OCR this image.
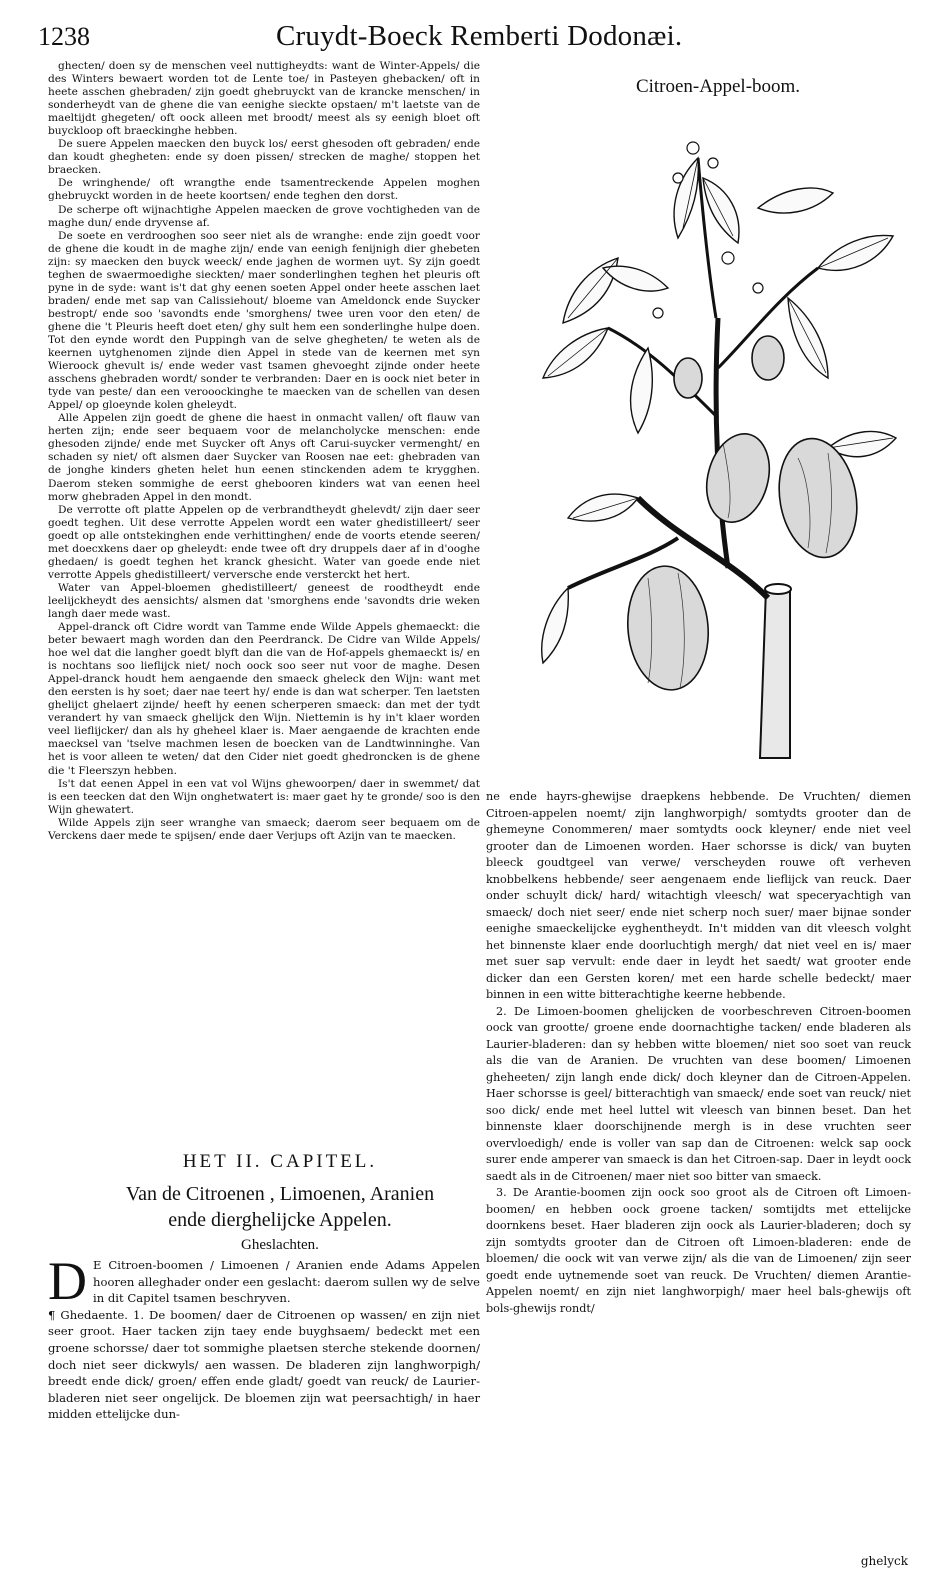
1238	Cruydt-Boeck Remberti Dodonæi.

ghecten/ doen sy de menschen veel nuttigheydts: want de Winter-Appels/ die des Winters bewaert worden tot de Lente toe/ in Pasteyen ghebacken/ oft in heete asschen ghebraden/ zijn goedt ghebruyckt van de krancke menschen/ in sonderheydt van de ghene die van eenighe sieckte opstaen/ m't laetste van de maeltijdt ghegeten/ oft oock alleen met broodt/ meest als sy eenigh bloet oft buyckloop oft braeckinghe hebben.

De suere Appelen maecken den buyck los/ eerst ghesoden oft gebraden/ ende dan koudt ghegheten: ende sy doen pissen/ strecken de maghe/ stoppen het braecken.

De wringhende/ oft wrangthe ende tsamentreckende Appelen moghen ghebruyckt worden in de heete koortsen/ ende teghen den dorst.

De scherpe oft wijnachtighe Appelen maecken de grove vochtigheden van de maghe dun/ ende dryvense af.

De soete en verdrooghen soo seer niet als de wranghe: ende zijn goedt voor de ghene die koudt in de maghe zijn/ ende van eenigh fenijnigh dier ghebeten zijn: sy maecken den buyck weeck/ ende jaghen de wormen uyt. Sy zijn goedt teghen de swaermoedighe sieckten/ maer sonderlinghen teghen het pleuris oft pyne in de syde: want is't dat ghy eenen soeten Appel onder heete asschen laet braden/ ende met sap van Calissiehout/ bloeme van Ameldonck ende Suycker bestropt/ ende soo 'savondts ende 'smorghens/ twee uren voor den eten/ de ghene die 't Pleuris heeft doet eten/ ghy sult hem een sonderlinghe hulpe doen. Tot den eynde wordt den Puppingh van de selve ghegheten/ te weten als de keernen uytghenomen zijnde dien Appel in stede van de keernen met syn Wieroock ghevult is/ ende weder vast tsamen ghevoeght zijnde onder heete asschens ghebraden wordt/ sonder te verbranden: Daer en is oock niet beter in tyde van peste/ dan een verooockinghe te maecken van de schellen van desen Appel/ op gloeynde kolen gheleydt.

Alle Appelen zijn goedt de ghene die haest in onmacht vallen/ oft flauw van herten zijn; ende seer bequaem voor de melancholycke menschen: ende ghesoden zijnde/ ende met Suycker oft Anys oft Carui-suycker vermenght/ en schaden sy niet/ oft alsmen daer Suycker van Roosen nae eet: ghebraden van de jonghe kinders gheten helet hun eenen stinckenden adem te krygghen. Daerom steken sommighe de eerst ghebooren kinders wat van eenen heel morw ghebraden Appel in den mondt.

De verrotte oft platte Appelen op de verbrandtheydt ghelevdt/ zijn daer seer goedt teghen. Uit dese verrotte Appelen wordt een water ghedistilleert/ seer goedt op alle ontstekinghen ende verhittinghen/ ende de voorts etende seeren/ met doecxkens daer op gheleydt: ende twee oft dry druppels daer af in d'ooghe ghedaen/ is goedt teghen het kranck ghesicht. Water van goede ende niet verrotte Appels ghedistilleert/ verversche ende versterckt het hert.

Water van Appel-bloemen ghedistilleert/ geneest de roodtheydt ende leelijckheydt des aensichts/ alsmen dat 'smorghens ende 'savondts drie weken langh daer mede wast.

Appel-dranck oft Cidre wordt van Tamme ende Wilde Appels ghemaeckt: die beter bewaert magh worden dan den Peerdranck. De Cidre van Wilde Appels/ hoe wel dat die langher goedt blyft dan die van de Hof-appels ghemaeckt is/ en is nochtans soo lieflijck niet/ noch oock soo seer nut voor de maghe. Desen Appel-dranck houdt hem aengaende den smaeck gheleck den Wijn: want met den eersten is hy soet; daer nae teert hy/ ende is dan wat scherper. Ten laetsten ghelijct ghelaert zijnde/ heeft hy eenen scherperen smaeck: dan met der tydt verandert hy van smaeck ghelijck den Wijn. Niettemin is hy in't klaer worden veel lieflijcker/ dan als hy gheheel klaer is. Maer aengaende de krachten ende maecksel van 'tselve machmen lesen de boecken van de Landtwinninghe. Van het is voor alleen te weten/ dat den Cider niet goedt ghedroncken is de ghene die 't Fleerszyn hebben.

Is't dat eenen Appel in een vat vol Wijns ghewoorpen/ daer in swemmet/ dat is een teecken dat den Wijn onghetwatert is: maer gaet hy te gronde/ soo is den Wijn ghewatert.

Wilde Appels zijn seer wranghe van smaeck; daerom seer bequaem om de Verckens daer mede te spijsen/ ende daer Verjups oft Azijn van te maecken.

Citroen-Appel-boom.
HET II. CAPITEL.
Van de Citroenen , Limoenen, Aranien
ende dierghelijcke Appelen.
Gheslachten.
D E Citroen-boomen / Limoenen / Aranien ende Adams Appelen hooren alleghader onder een geslacht: daerom sullen wy de selve in dit Capitel tsamen beschryven.

¶ Ghedaente. 1. De boomen/ daer de Citroenen op wassen/ en zijn niet seer groot. Haer tacken zijn taey ende buyghsaem/ bedeckt met een groene schorsse/ daer tot sommighe plaetsen sterche stekende doornen/ doch niet seer dickwyls/ aen wassen. De bladeren zijn langhworpigh/ breedt ende dick/ groen/ effen ende gladt/ goedt van reuck/ de Laurier-bladeren niet seer ongelijck. De bloemen zijn wat peersachtigh/ in haer midden ettelijcke dun-

ne ende hayrs-ghewijse draepkens hebbende. De Vruchten/ diemen Citroen-appelen noemt/ zijn langhworpigh/ somtydts grooter dan de ghemeyne Conommeren/ maer somtydts oock kleyner/ ende niet veel grooter dan de Limoenen worden. Haer schorsse is dick/ van buyten bleeck goudtgeel van verwe/ verscheyden rouwe oft verheven knobbelkens hebbende/ seer aengenaem ende lieflijck van reuck. Daer onder schuylt dick/ hard/ witachtigh vleesch/ wat speceryachtigh van smaeck/ doch niet seer/ ende niet scherp noch suer/ maer bijnae sonder eenighe smaeckelijcke eyghentheydt. In't midden van dit vleesch volght het binnenste klaer ende doorluchtigh mergh/ dat niet veel en is/ maer met suer sap vervult: ende daer in leydt het saedt/ wat grooter ende dicker dan een Gersten koren/ met een harde schelle bedeckt/ maer binnen in een witte bitterachtighe keerne hebbende.

2. De Limoen-boomen ghelijcken de voorbeschreven Citroen-boomen oock van grootte/ groene ende doornachtighe tacken/ ende bladeren als Laurier-bladeren: dan sy hebben witte bloemen/ niet soo soet van reuck als die van de Aranien. De vruchten van dese boomen/ Limoenen gheheeten/ zijn langh ende dick/ doch kleyner dan de Citroen-Appelen. Haer schorsse is geel/ bitterachtigh van smaeck/ ende soet van reuck/ niet soo dick/ ende met heel luttel wit vleesch van binnen beset. Dan het binnenste klaer doorschijnende mergh is in dese vruchten seer overvloedigh/ ende is voller van sap dan de Citroenen: welck sap oock surer ende amperer van smaeck is dan het Citroen-sap. Daer in leydt oock saedt als in de Citroenen/ maer niet soo bitter van smaeck.

3. De Arantie-boomen zijn oock soo groot als de Citroen oft Limoen-boomen/ en hebben oock groene tacken/ somtijdts met ettelijcke doornkens beset. Haer bladeren zijn oock als Laurier-bladeren; doch sy zijn somtydts grooter dan de Citroen oft Limoen-bladeren: ende de bloemen/ die oock wit van verwe zijn/ als die van de Limoenen/ zijn seer goedt ende uytnemende soet van reuck. De Vruchten/ diemen Arantie-Appelen noemt/ en zijn niet langhworpigh/ maer heel bals-ghewijs oft bols-ghewijs rondt/

ghelyck
